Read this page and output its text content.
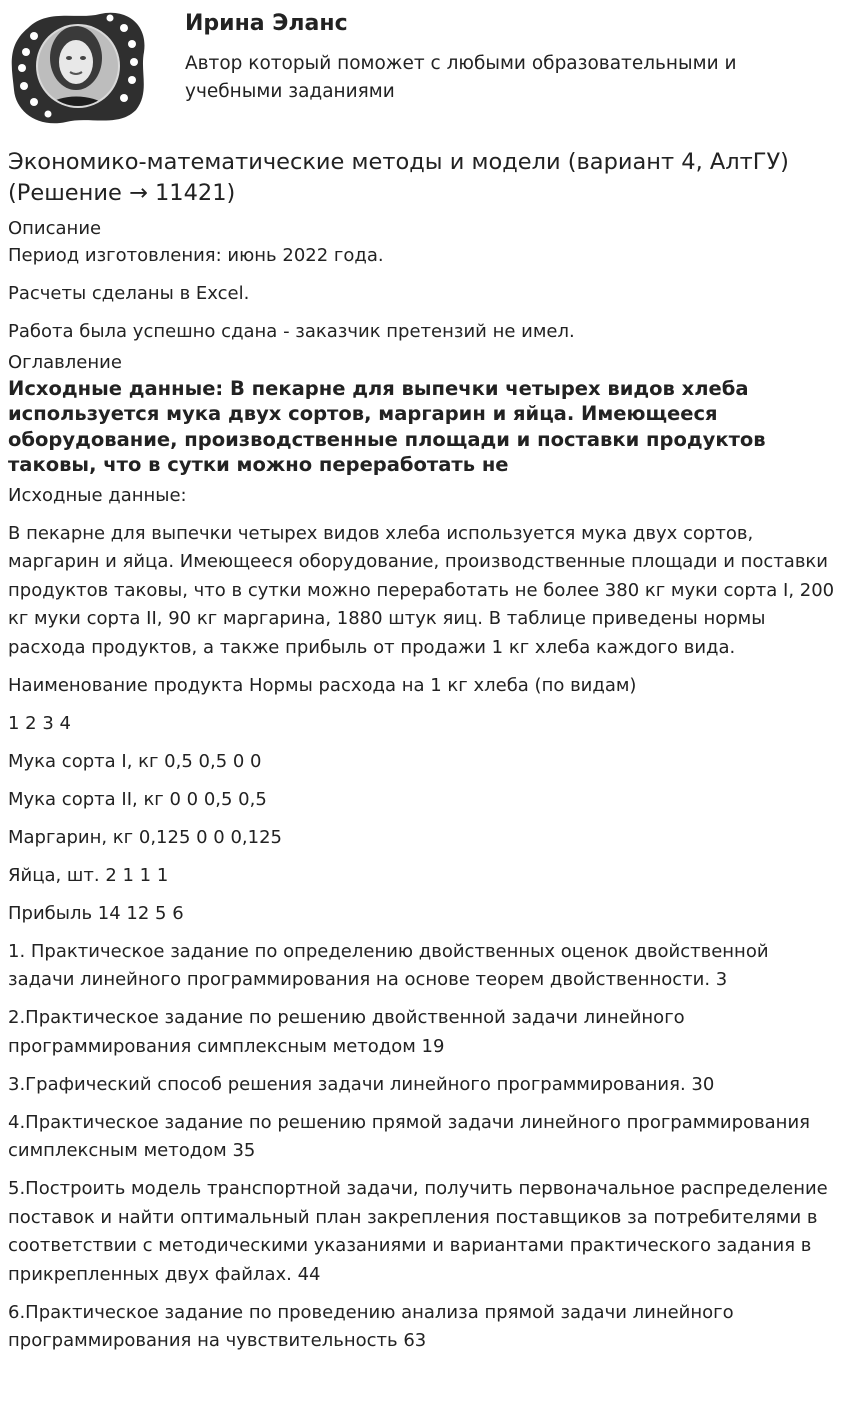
Ирина Эланс
Автор который поможет с любыми образовательными и учебными заданиями
Экономико-математические методы и модели (вариант 4, АлтГУ) (Решение → 11421)
Описание

Период изготовления: июнь 2022 года.

Расчеты сделаны в Excel.

Работа была успешно сдана - заказчик претензий не имел.

Оглавление
Исходные данные: В пекарне для выпечки четырех видов хлеба используется мука двух сортов, маргарин и яйца. Имеющееся оборудование, производственные площади и поставки продуктов таковы, что в сутки можно переработать не

Исходные данные:

В пекарне для выпечки четырех видов хлеба используется мука двух сортов, маргарин и яйца. Имеющееся оборудование, производственные площади и поставки продуктов таковы, что в сутки можно переработать не более 380 кг муки сорта I, 200 кг муки сорта II, 90 кг маргарина, 1880 штук яиц. В таблице приведены нормы расхода продуктов, а также прибыль от продажи 1 кг хлеба каждого вида.

Наименование продукта Нормы расхода на 1 кг хлеба (по видам)

1 2 3 4

Мука сорта I, кг 0,5 0,5 0 0

Мука сорта II, кг 0 0 0,5 0,5

Маргарин, кг 0,125 0 0 0,125

Яйца, шт. 2 1 1 1

Прибыль 14 12 5 6

1. Практическое задание по определению двойственных оценок двойственной задачи линейного программирования на основе теорем двойственности. 3

2.Практическое задание по решению двойственной задачи линейного программирования симплексным методом 19

3.Графический способ решения задачи линейного программирования. 30

4.Практическое задание по решению прямой задачи линейного программирования симплексным методом 35

5.Построить модель транспортной задачи, получить первоначальное распределение поставок и найти оптимальный план закрепления поставщиков за потребителями в соответствии с методическими указаниями и вариантами практического задания в прикрепленных двух файлах. 44

6.Практическое задание по проведению анализа прямой задачи линейного программирования на чувствительность 63
